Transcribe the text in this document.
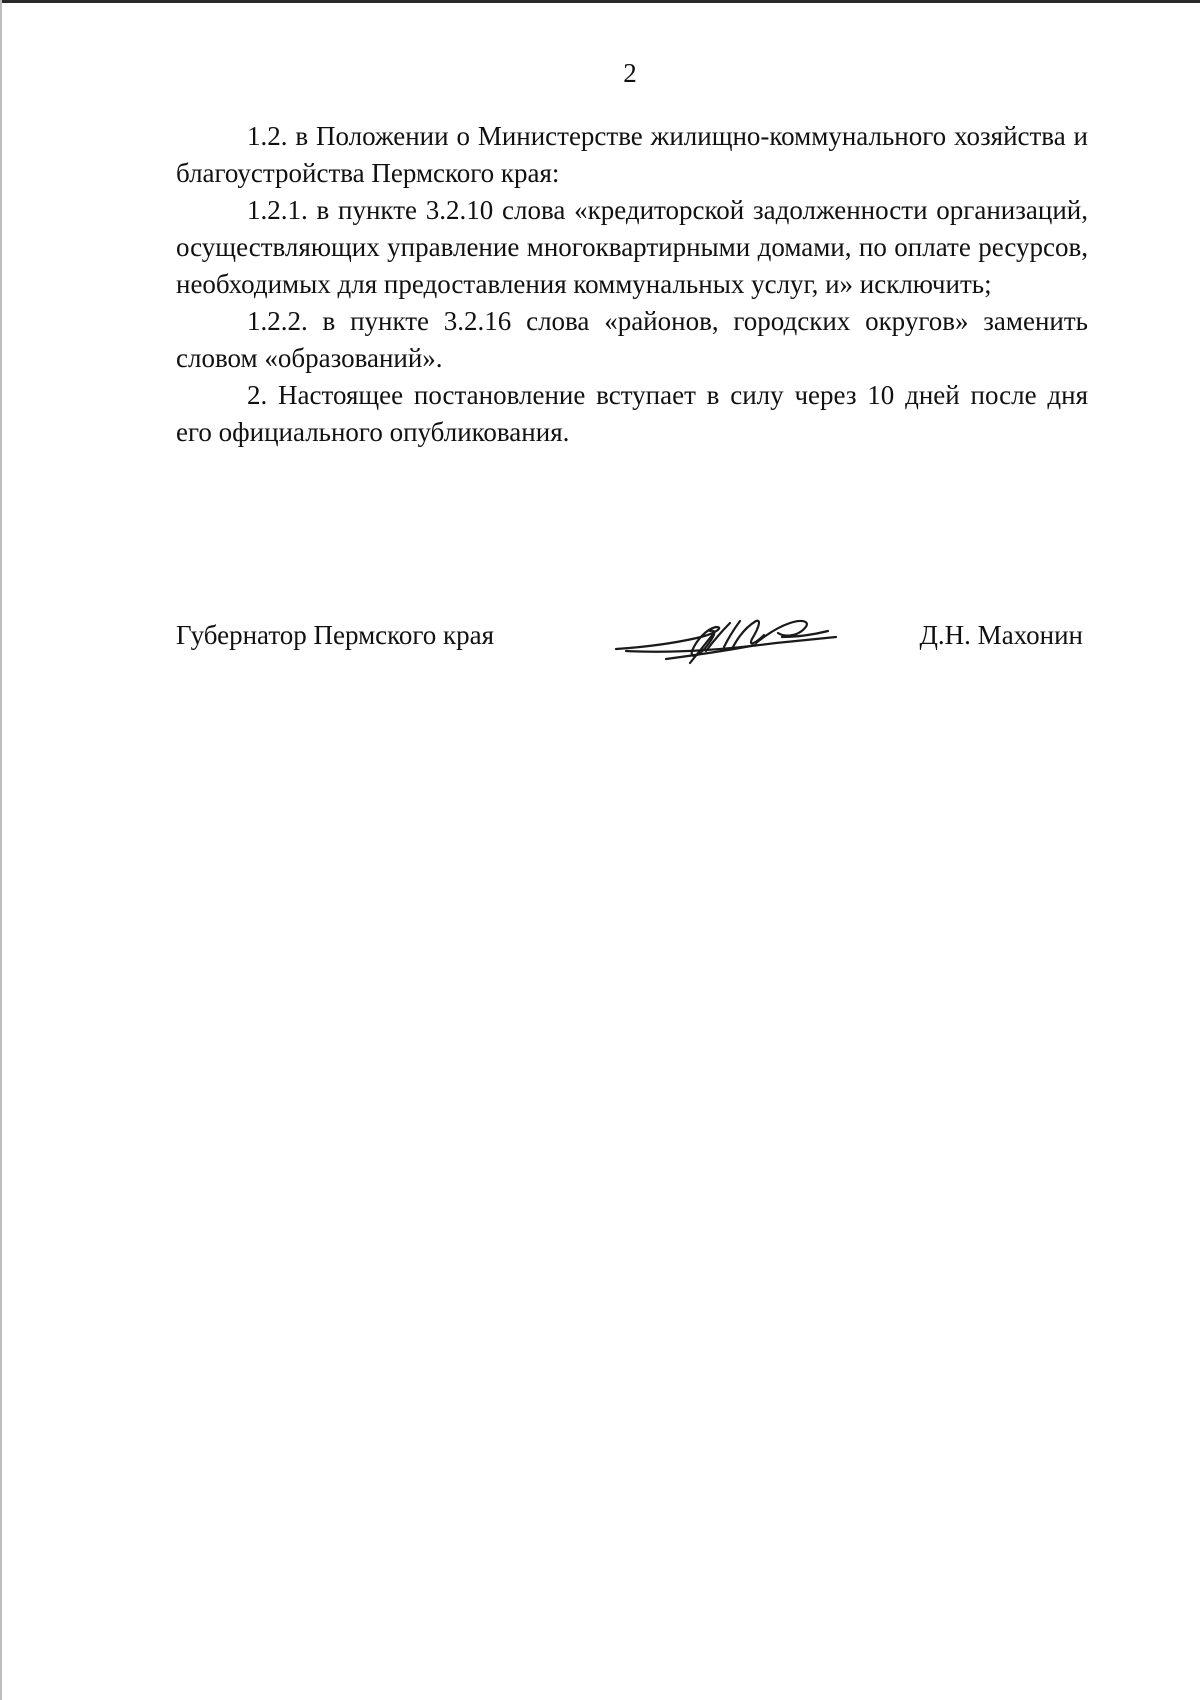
2

1.2. в Положении о Министерстве жилищно-коммунального хозяйства и благоустройства Пермского края:

1.2.1. в пункте 3.2.10 слова «кредиторской задолженности организаций, осуществляющих управление многоквартирными домами, по оплате ресурсов, необходимых для предоставления коммунальных услуг, и» исключить;

1.2.2. в пункте 3.2.16 слова «районов, городских округов» заменить словом «образований».

2. Настоящее постановление вступает в силу через 10 дней после дня его официального опубликования.

Губернатор Пермского края	Д.Н. Махонин
